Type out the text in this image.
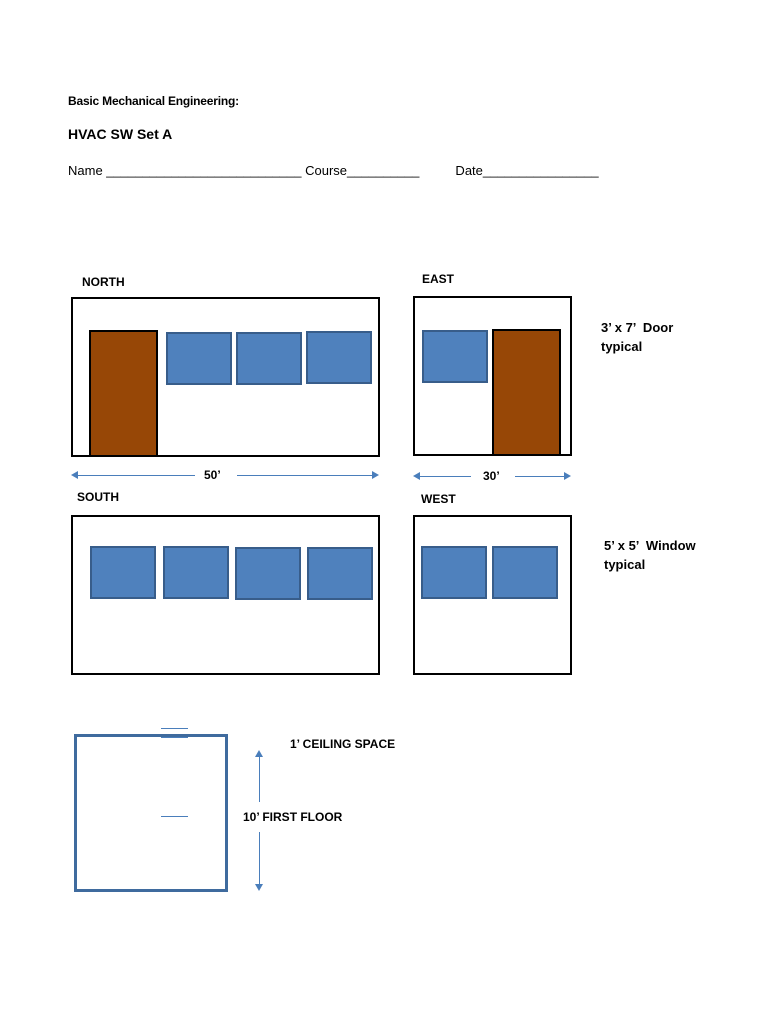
Basic Mechanical Engineering:
HVAC SW Set A
Name ___________________________ Course__________          Date________________
NORTH	EAST
3’ x 7’  Door
typical
50’	30’
SOUTH	WEST
5’ x 5’  Window
typical
1’ CEILING SPACE
10’ FIRST FLOOR
